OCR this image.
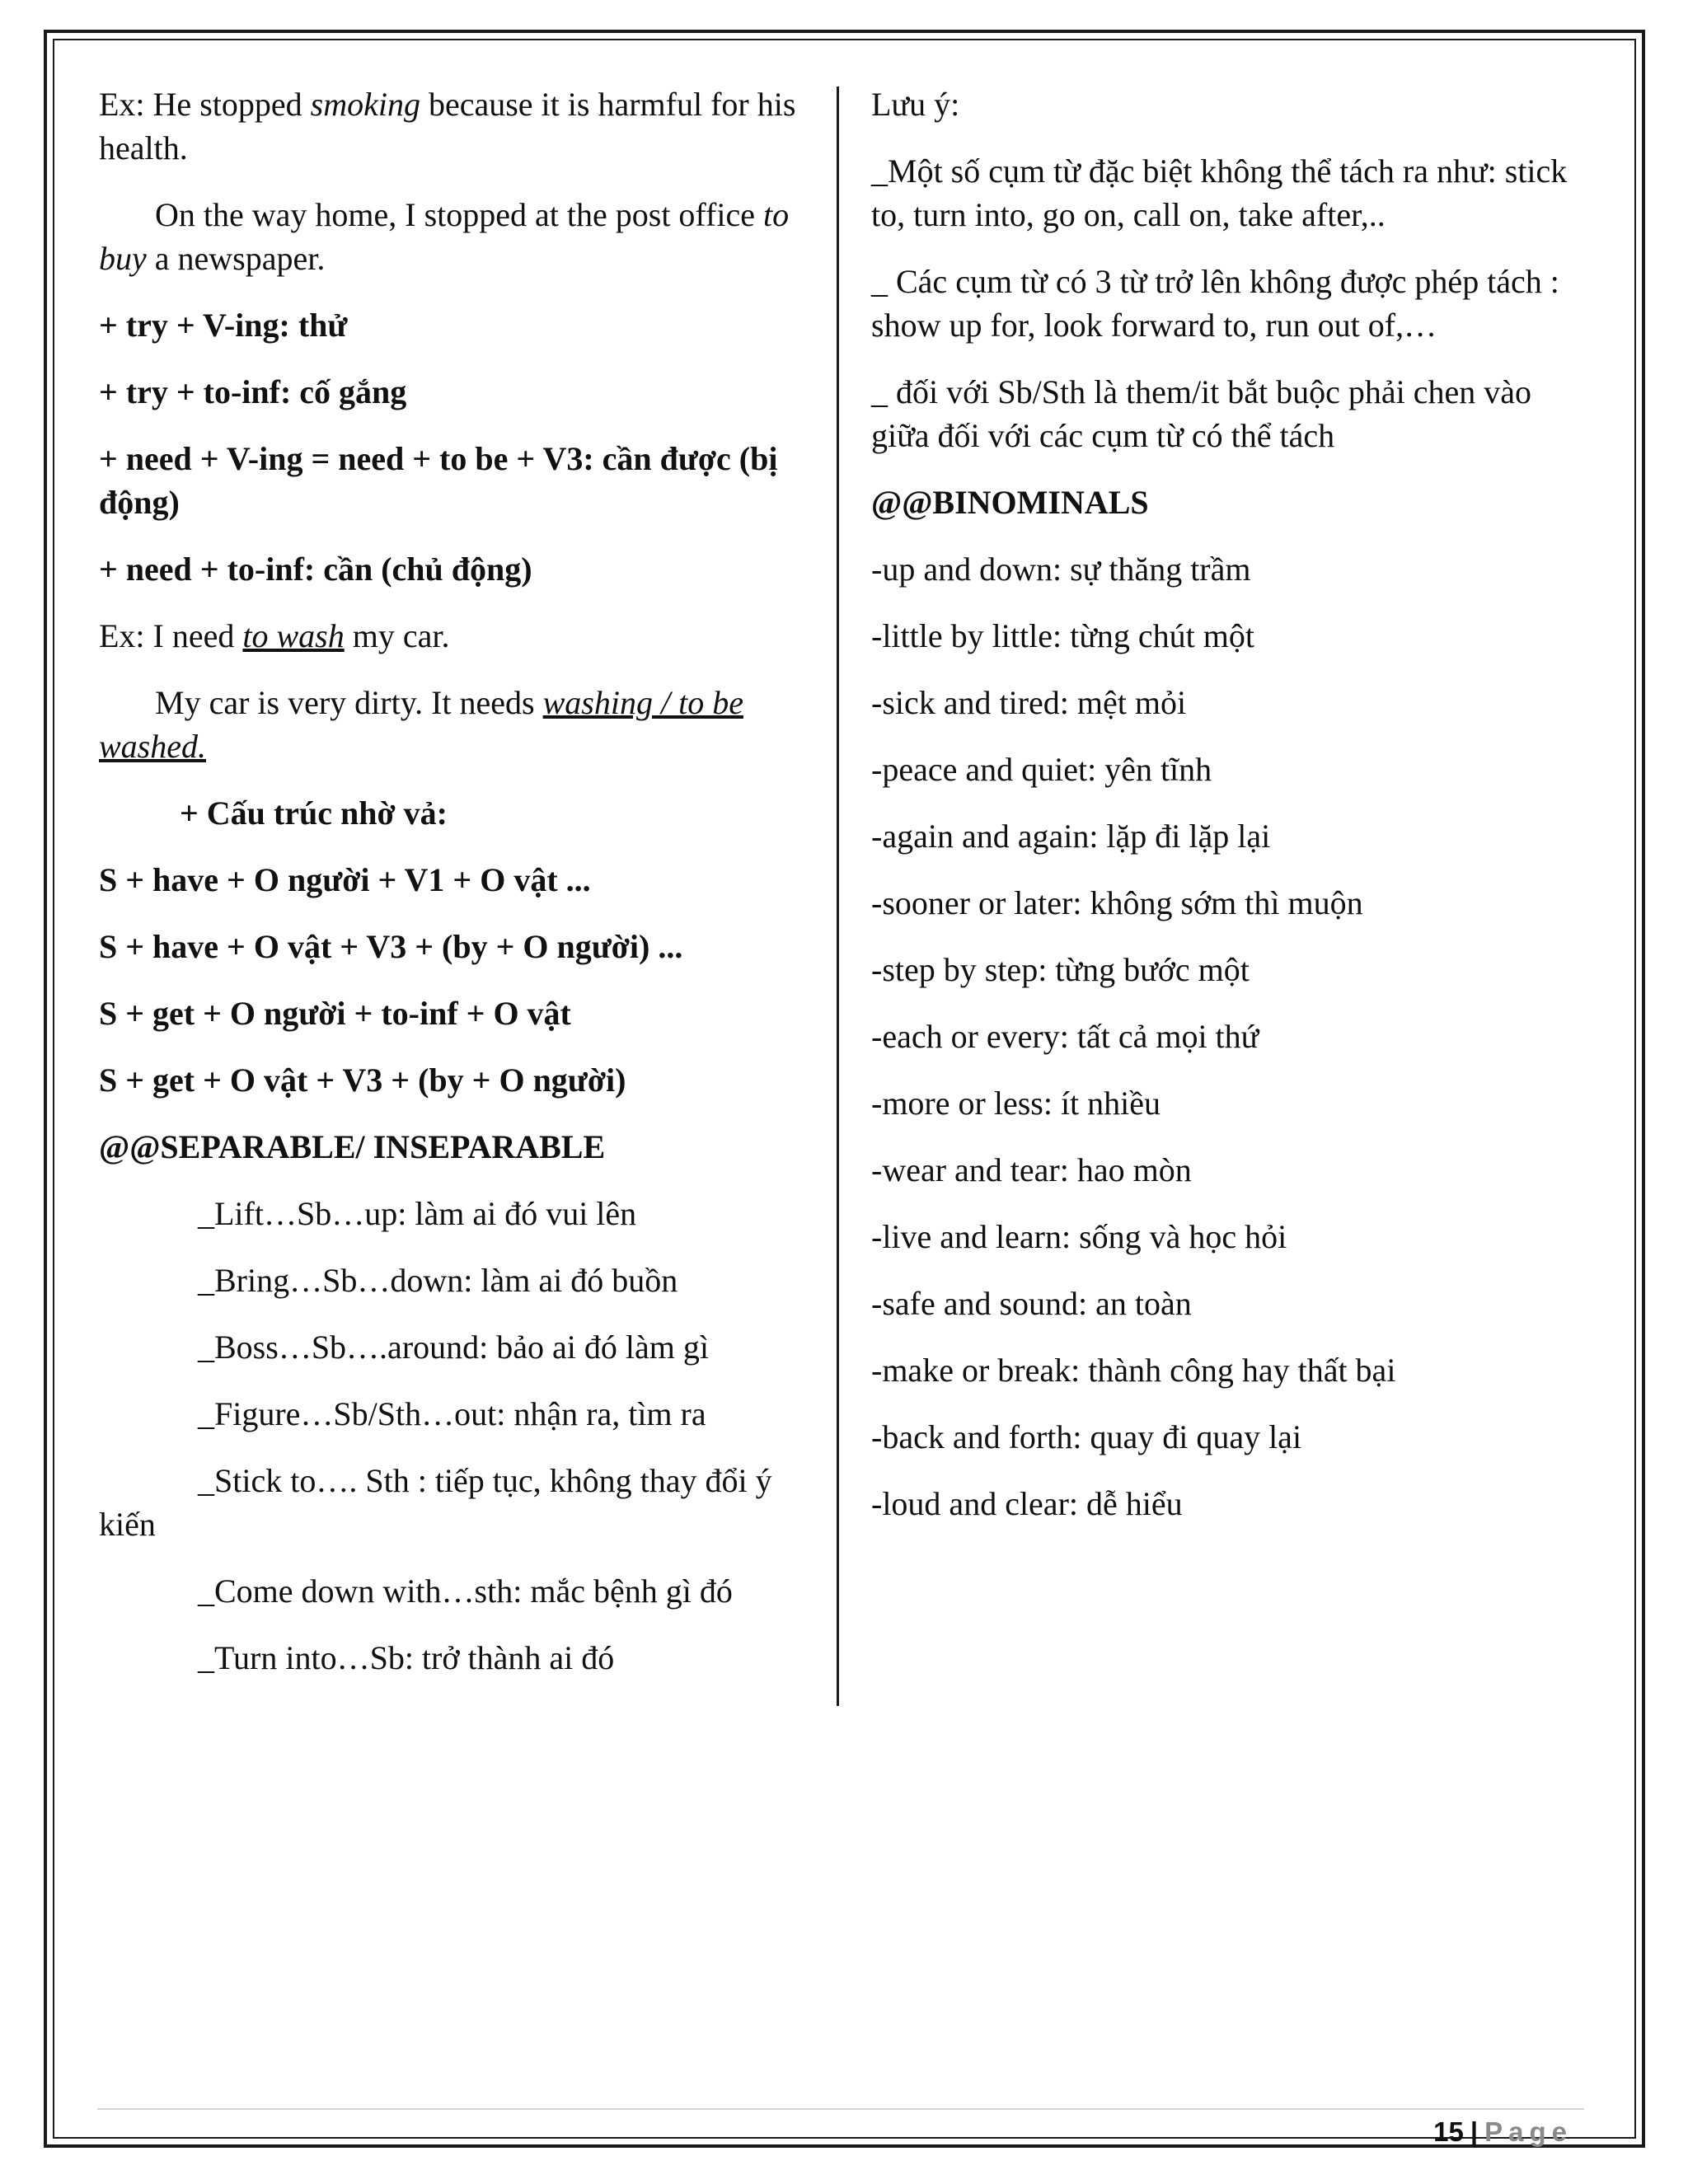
Ex: He stopped smoking because it is harmful for his health.

On the way home, I stopped at the post office to buy a newspaper.

+ try + V-ing: thử

+ try + to-inf: cố gắng

+ need + V-ing = need + to be + V3: cần được (bị động)

+ need + to-inf: cần (chủ động)

Ex: I need to wash my car.

My car is very dirty. It needs washing / to be washed.

+ Cấu trúc nhờ vả:

S + have + O người + V1 + O vật ...

S + have + O vật + V3 + (by + O người) ...

S + get + O người + to-inf + O vật

S + get + O vật + V3 + (by + O người)

@@SEPARABLE/ INSEPARABLE

_Lift…Sb…up: làm ai đó vui lên

_Bring…Sb…down: làm ai đó buồn

_Boss…Sb….around: bảo ai đó làm gì

_Figure…Sb/Sth…out: nhận ra, tìm ra

_Stick to…. Sth : tiếp tục, không thay đổi ý kiến

_Come down with…sth: mắc bệnh gì đó

_Turn into…Sb: trở thành ai đó

Lưu ý:

_Một số cụm từ đặc biệt không thể tách ra như: stick to, turn into, go on, call on, take after,..

_ Các cụm từ có 3 từ trở lên không được phép tách : show up for, look forward to, run out of,…

_ đối với Sb/Sth là them/it bắt buộc phải chen vào giữa đối với các cụm từ có thể tách

@@BINOMINALS

-up and down: sự thăng trầm

-little by little: từng chút một

-sick and tired: mệt mỏi

-peace and quiet: yên tĩnh

-again and again: lặp đi lặp lại

-sooner or later: không sớm thì muộn

-step by step: từng bước một

-each or every: tất cả mọi thứ

-more or less: ít nhiều

-wear and tear: hao mòn

-live and learn: sống và học hỏi

-safe and sound: an toàn

-make or break: thành công hay thất bại

-back and forth: quay đi quay lại

-loud and clear: dễ hiểu

15 | Page
